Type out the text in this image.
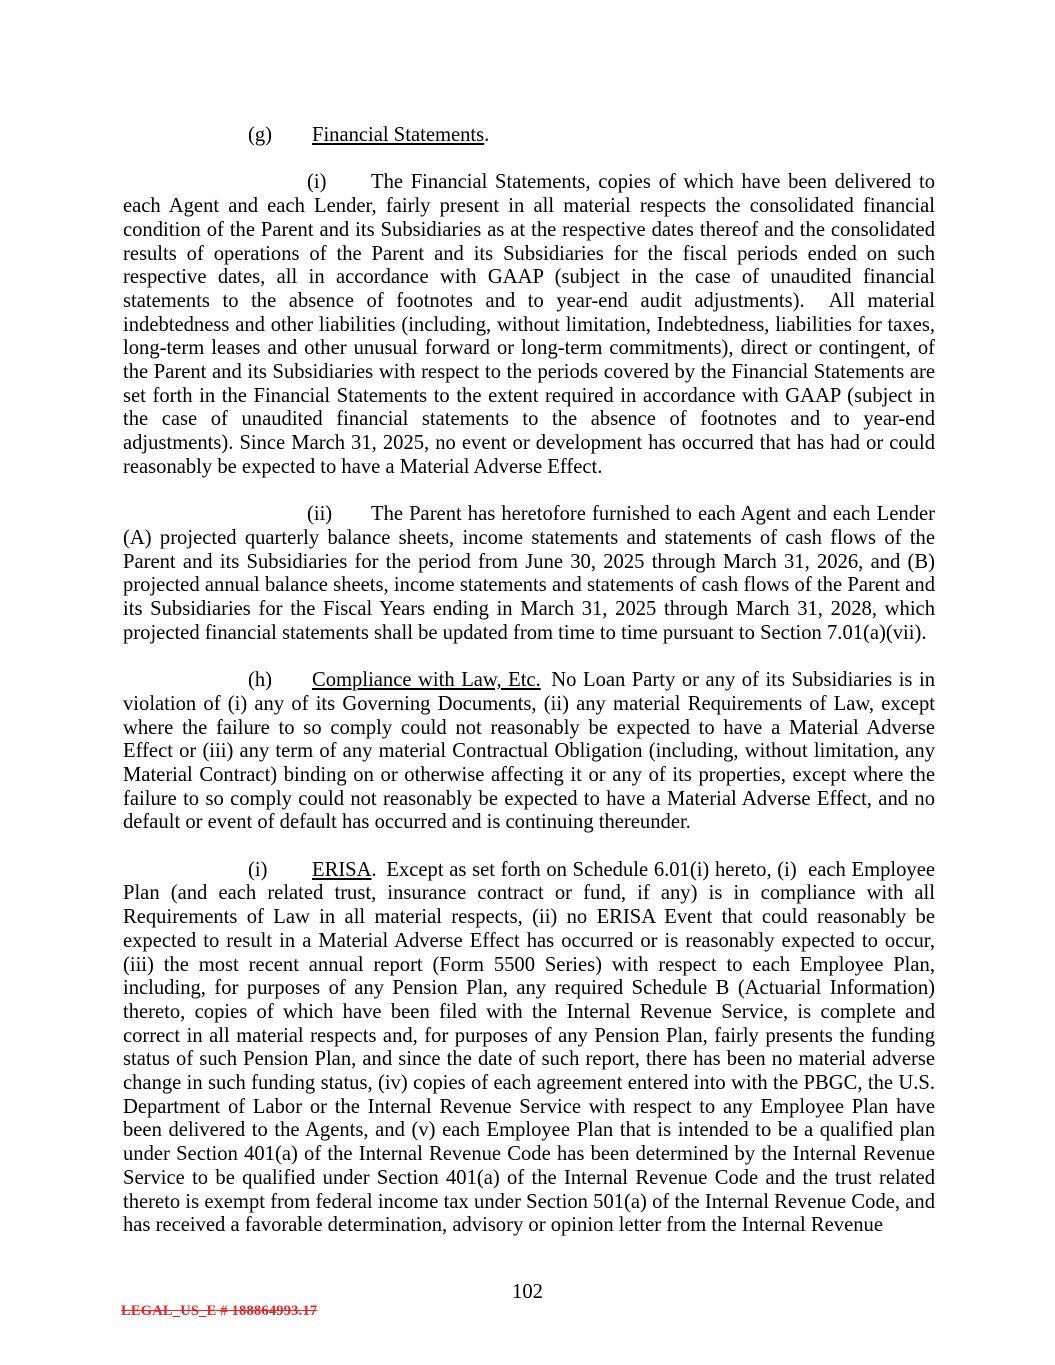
(g) Financial Statements.

(i) The Financial Statements, copies of which have been delivered to each Agent and each Lender, fairly present in all material respects the consolidated financial condition of the Parent and its Subsidiaries as at the respective dates thereof and the consolidated results of operations of the Parent and its Subsidiaries for the fiscal periods ended on such respective dates, all in accordance with GAAP (subject in the case of unaudited financial statements to the absence of footnotes and to year-end audit adjustments).  All material indebtedness and other liabilities (including, without limitation, Indebtedness, liabilities for taxes, long-term leases and other unusual forward or long-term commitments), direct or contingent, of the Parent and its Subsidiaries with respect to the periods covered by the Financial Statements are set forth in the Financial Statements to the extent required in accordance with GAAP (subject in the case of unaudited financial statements to the absence of footnotes and to year-end adjustments). Since March 31, 2025, no event or development has occurred that has had or could reasonably be expected to have a Material Adverse Effect.

(ii) The Parent has heretofore furnished to each Agent and each Lender (A) projected quarterly balance sheets, income statements and statements of cash flows of the Parent and its Subsidiaries for the period from June 30, 2025 through March 31, 2026, and (B) projected annual balance sheets, income statements and statements of cash flows of the Parent and its Subsidiaries for the Fiscal Years ending in March 31, 2025 through March 31, 2028, which projected financial statements shall be updated from time to time pursuant to Section 7.01(a)(vii).

(h) Compliance with Law, Etc. No Loan Party or any of its Subsidiaries is in violation of (i) any of its Governing Documents, (ii) any material Requirements of Law, except where the failure to so comply could not reasonably be expected to have a Material Adverse Effect or (iii) any term of any material Contractual Obligation (including, without limitation, any Material Contract) binding on or otherwise affecting it or any of its properties, except where the failure to so comply could not reasonably be expected to have a Material Adverse Effect, and no default or event of default has occurred and is continuing thereunder.

(i) ERISA. Except as set forth on Schedule 6.01(i) hereto, (i)  each Employee Plan (and each related trust, insurance contract or fund, if any) is in compliance with all Requirements of Law in all material respects, (ii) no ERISA Event that could reasonably be expected to result in a Material Adverse Effect has occurred or is reasonably expected to occur, (iii) the most recent annual report (Form 5500 Series) with respect to each Employee Plan, including, for purposes of any Pension Plan, any required Schedule B (Actuarial Information) thereto, copies of which have been filed with the Internal Revenue Service, is complete and correct in all material respects and, for purposes of any Pension Plan, fairly presents the funding status of such Pension Plan, and since the date of such report, there has been no material adverse change in such funding status, (iv) copies of each agreement entered into with the PBGC, the U.S. Department of Labor or the Internal Revenue Service with respect to any Employee Plan have been delivered to the Agents, and (v) each Employee Plan that is intended to be a qualified plan under Section 401(a) of the Internal Revenue Code has been determined by the Internal Revenue Service to be qualified under Section 401(a) of the Internal Revenue Code and the trust related thereto is exempt from federal income tax under Section 501(a) of the Internal Revenue Code, and has received a favorable determination, advisory or opinion letter from the Internal Revenue

102
LEGAL_US_E # 188864993.17
